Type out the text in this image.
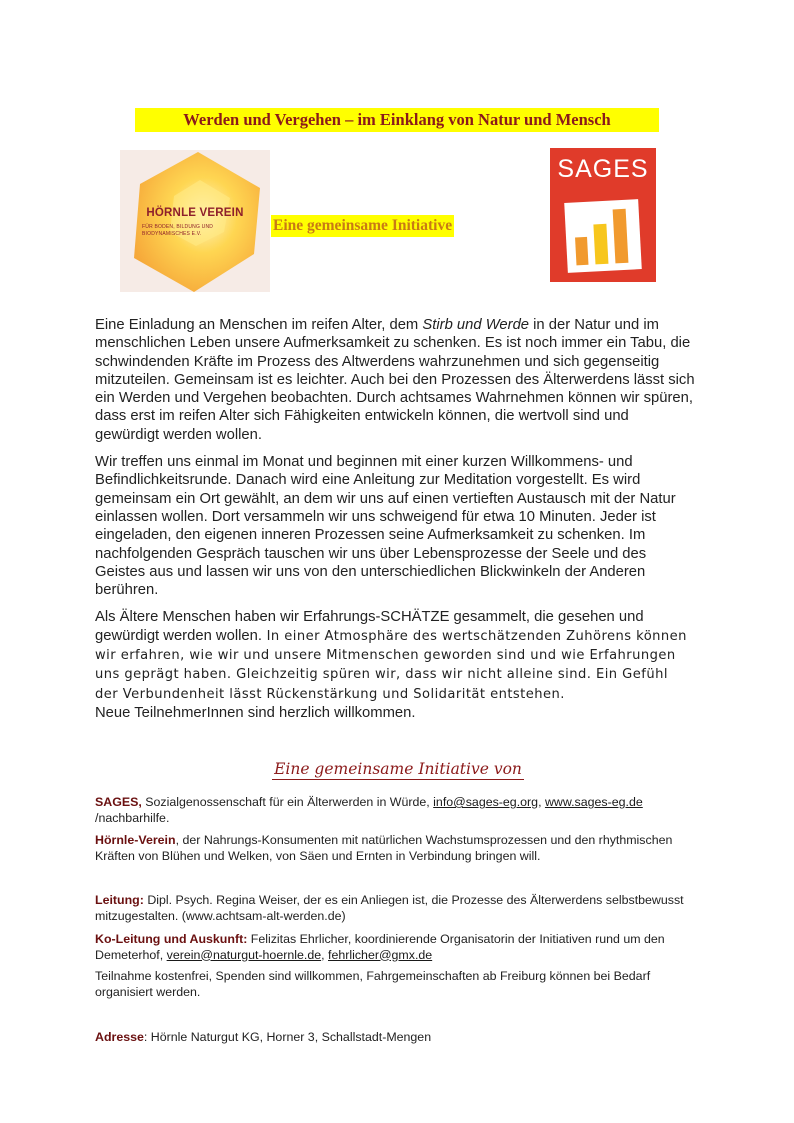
Werden und Vergehen – im Einklang von Natur und Mensch
HÖRNLE VEREIN
FÜR BODEN, BILDUNG UND BIODYNAMISCHES E.V.	Eine gemeinsame Initiative
SAGES

Eine Einladung an Menschen im reifen Alter, dem Stirb und Werde in der Natur und im menschlichen Leben unsere Aufmerksamkeit zu schenken. Es ist noch immer ein Tabu, die schwindenden Kräfte im Prozess des Altwerdens wahrzunehmen und sich gegenseitig mitzuteilen. Gemeinsam ist es leichter. Auch bei den Prozessen des Älterwerdens lässt sich ein Werden und Vergehen beobachten. Durch achtsames Wahrnehmen können wir spüren, dass erst im reifen Alter sich Fähigkeiten entwickeln können, die wertvoll sind und gewürdigt werden wollen.

Wir treffen uns einmal im Monat und beginnen mit einer kurzen Willkommens- und Befindlichkeitsrunde. Danach wird eine Anleitung zur Meditation vorgestellt. Es wird gemeinsam ein Ort gewählt, an dem wir uns auf einen vertieften Austausch mit der Natur einlassen wollen. Dort versammeln wir uns schweigend für etwa 10 Minuten. Jeder ist eingeladen, den eigenen inneren Prozessen seine Aufmerksamkeit zu schenken. Im nachfolgenden Gespräch tauschen wir uns über Lebensprozesse der Seele und des Geistes aus und lassen wir uns von den unterschiedlichen Blickwinkeln der Anderen berühren.

Als Ältere Menschen haben wir Erfahrungs-SCHÄTZE gesammelt, die gesehen und gewürdigt werden wollen. In einer Atmosphäre des wertschätzenden Zuhörens können wir erfahren, wie wir und unsere Mitmenschen geworden sind und wie Erfahrungen uns geprägt haben. Gleichzeitig spüren wir, dass wir nicht alleine sind. Ein Gefühl der Verbundenheit lässt Rückenstärkung und Solidarität entstehen.
Neue TeilnehmerInnen sind herzlich willkommen.

Eine gemeinsame Initiative von
SAGES, Sozialgenossenschaft für ein Älterwerden in Würde, info@sages-eg.org, www.sages-eg.de /nachbarhilfe.
Hörnle-Verein, der Nahrungs-Konsumenten mit natürlichen Wachstumsprozessen und den rhythmischen Kräften von Blühen und Welken, von Säen und Ernten in Verbindung bringen will.
Leitung: Dipl. Psych. Regina Weiser, der es ein Anliegen ist, die Prozesse des Älterwerdens selbstbewusst mitzugestalten. (www.achtsam-alt-werden.de)
Ko-Leitung und Auskunft: Felizitas Ehrlicher, koordinierende Organisatorin der Initiativen rund um den Demeterhof, verein@naturgut-hoernle.de, fehrlicher@gmx.de
Teilnahme kostenfrei, Spenden sind willkommen, Fahrgemeinschaften ab Freiburg können bei Bedarf organisiert werden.
Adresse: Hörnle Naturgut KG, Horner 3, Schallstadt-Mengen
